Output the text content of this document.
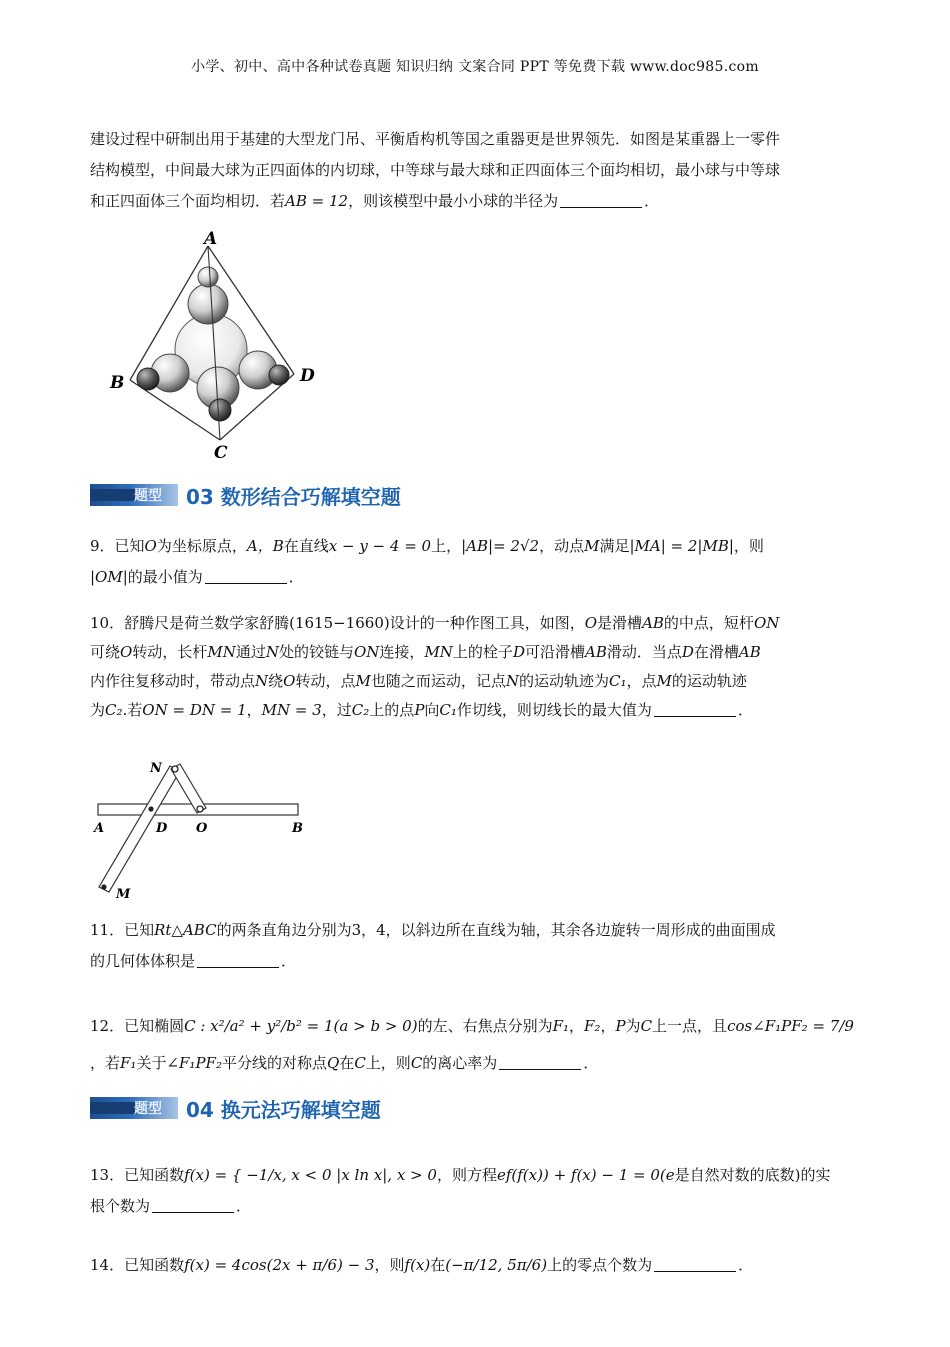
小学、初中、高中各种试卷真题 知识归纳 文案合同 PPT 等免费下载 www.doc985.com
建设过程中研制出用于基建的大型龙门吊、平衡盾构机等国之重器更是世界领先．如图是某重器上一零件
结构模型，中间最大球为正四面体的内切球，中等球与最大球和正四面体三个面均相切，最小球与中等球
和正四面体三个面均相切．若AB = 12，则该模型中最小小球的半径为	．
A
B
C
D
题型 03 数形结合巧解填空题
9．已知O为坐标原点，A，B在直线x − y − 4 = 0上，|AB|= 2√2，动点M满足|MA| = 2|MB|，则
|OM|的最小值为	．
10．舒腾尺是荷兰数学家舒腾(1615−1660)设计的一种作图工具，如图，O是滑槽AB的中点，短杆ON
可绕O转动，长杆MN通过N处的铰链与ON连接，MN上的栓子D可沿滑槽AB滑动．当点D在滑槽AB
内作往复移动时，带动点N绕O转动，点M也随之而运动，记点N的运动轨迹为C₁，点M的运动轨迹
为C₂.若ON = DN = 1，MN = 3，过C₂上的点P向C₁作切线，则切线长的最大值为	．
N
A	D O	B
M
11．已知Rt△ABC的两条直角边分别为3，4，以斜边所在直线为轴，其余各边旋转一周形成的曲面围成
的几何体体积是	．
12．已知椭圆C : x²/a² + y²/b² = 1(a > b > 0)的左、右焦点分别为F₁，F₂，P为C上一点，且cos∠F₁PF₂ = 7/9
，若F₁关于∠F₁PF₂平分线的对称点Q在C上，则C的离心率为	．
题型 04 换元法巧解填空题
13．已知函数f(x) = { −1/x, x < 0 |x ln x|, x > 0，则方程ef(f(x)) + f(x) − 1 = 0(e是自然对数的底数)的实
根个数为	．
14．已知函数f(x) = 4cos(2x + π/6) − 3，则f(x)在(−π/12, 5π/6)上的零点个数为	．
